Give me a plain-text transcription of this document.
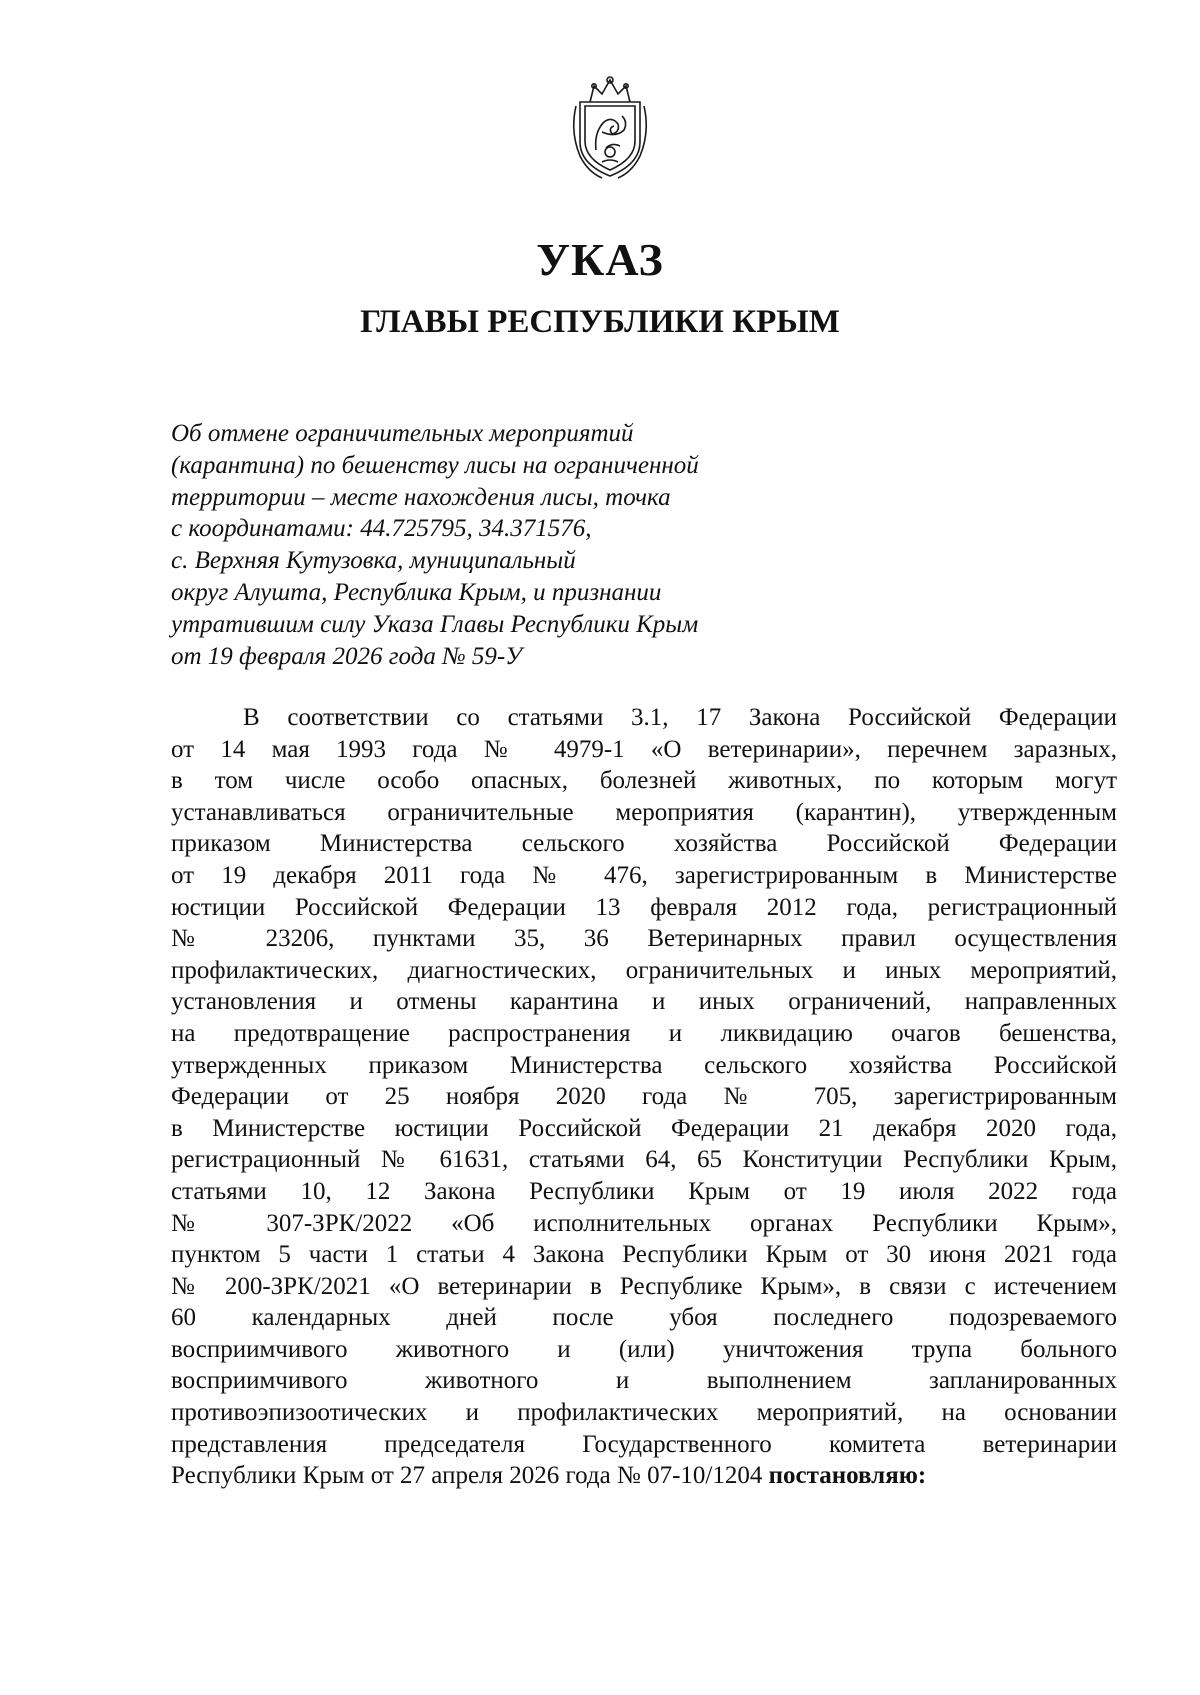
УКАЗ
ГЛАВЫ РЕСПУБЛИКИ КРЫМ
Об отмене ограничительных мероприятий
(карантина) по бешенству лисы на ограниченной
территории – месте нахождения лисы, точка
с координатами: 44.725795, 34.371576,
с. Верхняя Кутузовка, муниципальный
округ Алушта, Республика Крым, и признании
утратившим силу Указа Главы Республики Крым
от 19 февраля 2026 года № 59-У
В соответствии со статьями 3.1, 17 Закона Российской Федерации
от 14 мая 1993 года № 4979-1 «О ветеринарии», перечнем заразных,
в том числе особо опасных, болезней животных, по которым могут
устанавливаться ограничительные мероприятия (карантин), утвержденным
приказом Министерства сельского хозяйства Российской Федерации
от 19 декабря 2011 года № 476, зарегистрированным в Министерстве
юстиции Российской Федерации 13 февраля 2012 года, регистрационный
№ 23206, пунктами 35, 36 Ветеринарных правил осуществления
профилактических, диагностических, ограничительных и иных мероприятий,
установления и отмены карантина и иных ограничений, направленных
на предотвращение распространения и ликвидацию очагов бешенства,
утвержденных приказом Министерства сельского хозяйства Российской
Федерации от 25 ноября 2020 года № 705, зарегистрированным
в Министерстве юстиции Российской Федерации 21 декабря 2020 года,
регистрационный № 61631, статьями 64, 65 Конституции Республики Крым,
статьями 10, 12 Закона Республики Крым от 19 июля 2022 года
№ 307-ЗРК/2022 «Об исполнительных органах Республики Крым»,
пунктом 5 части 1 статьи 4 Закона Республики Крым от 30 июня 2021 года
№ 200-ЗРК/2021 «О ветеринарии в Республике Крым», в связи с истечением
60 календарных дней после убоя последнего подозреваемого
восприимчивого животного и (или) уничтожения трупа больного
восприимчивого животного и выполнением запланированных
противоэпизоотических и профилактических мероприятий, на основании
представления председателя Государственного комитета ветеринарии
Республики Крым от 27 апреля 2026 года № 07-10/1204 постановляю:
